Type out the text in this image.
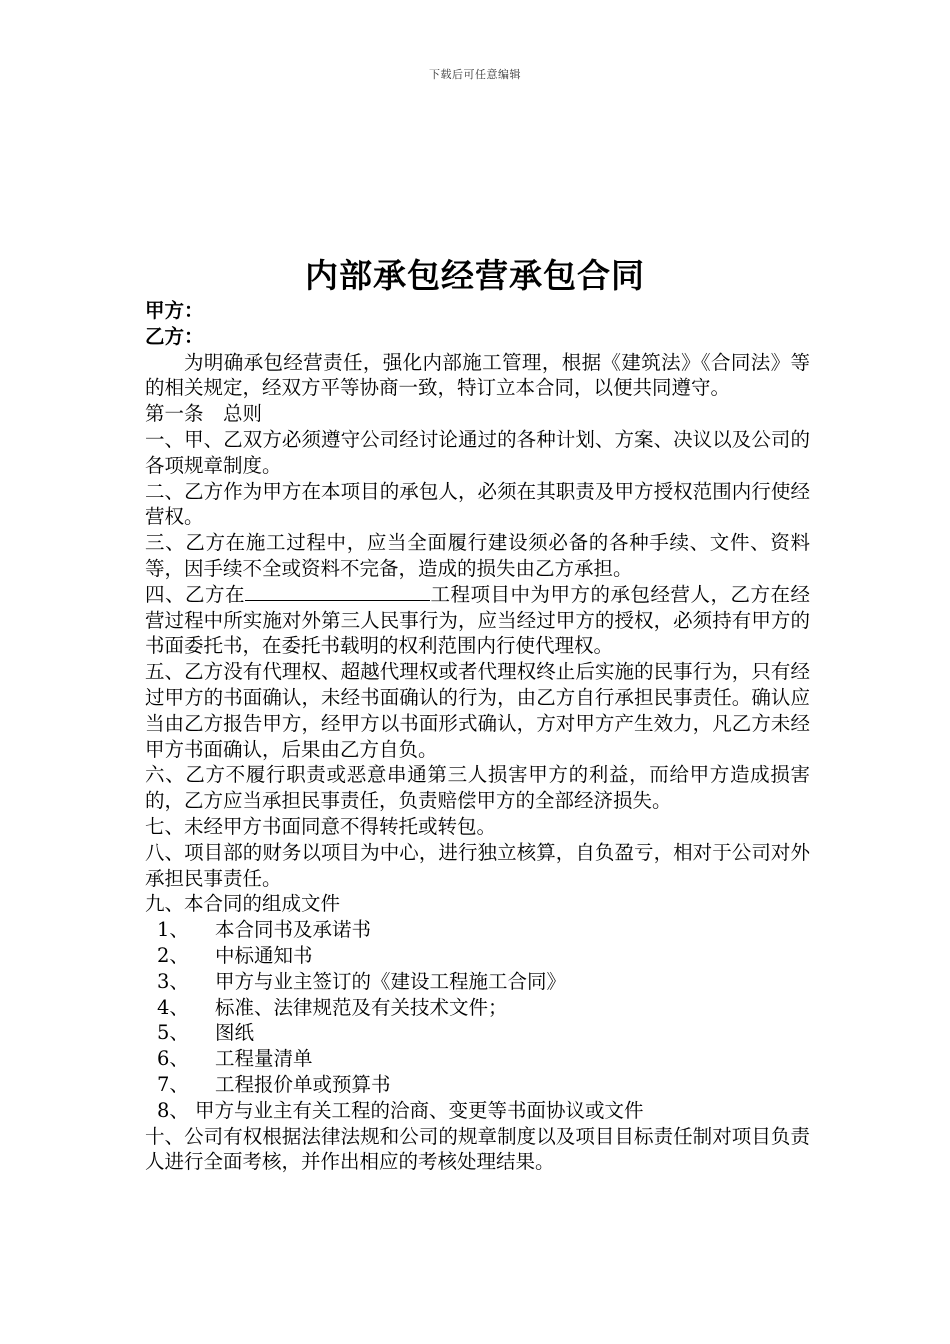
下载后可任意编辑
内部承包经营承包合同

甲方：

乙方：

为明确承包经营责任，强化内部施工管理，根据《建筑法》《合同法》等的相关规定，经双方平等协商一致，特订立本合同，以便共同遵守。

第一条　总则

一、甲、乙双方必须遵守公司经讨论通过的各种计划、方案、决议以及公司的各项规章制度。

二、乙方作为甲方在本项目的承包人，必须在其职责及甲方授权范围内行使经营权。

三、乙方在施工过程中，应当全面履行建设须必备的各种手续、文件、资料等，因手续不全或资料不完备，造成的损失由乙方承担。

四、乙方在	工程项目中为甲方的承包经营人，乙方在经营过程中所实施对外第三人民事行为，应当经过甲方的授权，必须持有甲方的书面委托书，在委托书载明的权利范围内行使代理权。

五、乙方没有代理权、超越代理权或者代理权终止后实施的民事行为，只有经过甲方的书面确认，未经书面确认的行为，由乙方自行承担民事责任。确认应当由乙方报告甲方，经甲方以书面形式确认，方对甲方产生效力，凡乙方未经甲方书面确认，后果由乙方自负。

六、乙方不履行职责或恶意串通第三人损害甲方的利益，而给甲方造成损害的，乙方应当承担民事责任，负责赔偿甲方的全部经济损失。

七、未经甲方书面同意不得转托或转包。

八、项目部的财务以项目为中心，进行独立核算，自负盈亏，相对于公司对外承担民事责任。

九、本合同的组成文件

1、	本合同书及承诺书
2、	中标通知书
3、	甲方与业主签订的《建设工程施工合同》
4、	标准、法律规范及有关技术文件；
5、	图纸
6、	工程量清单
7、	工程报价单或预算书
8、 甲方与业主有关工程的洽商、变更等书面协议或文件

十、公司有权根据法律法规和公司的规章制度以及项目目标责任制对项目负责人进行全面考核，并作出相应的考核处理结果。
